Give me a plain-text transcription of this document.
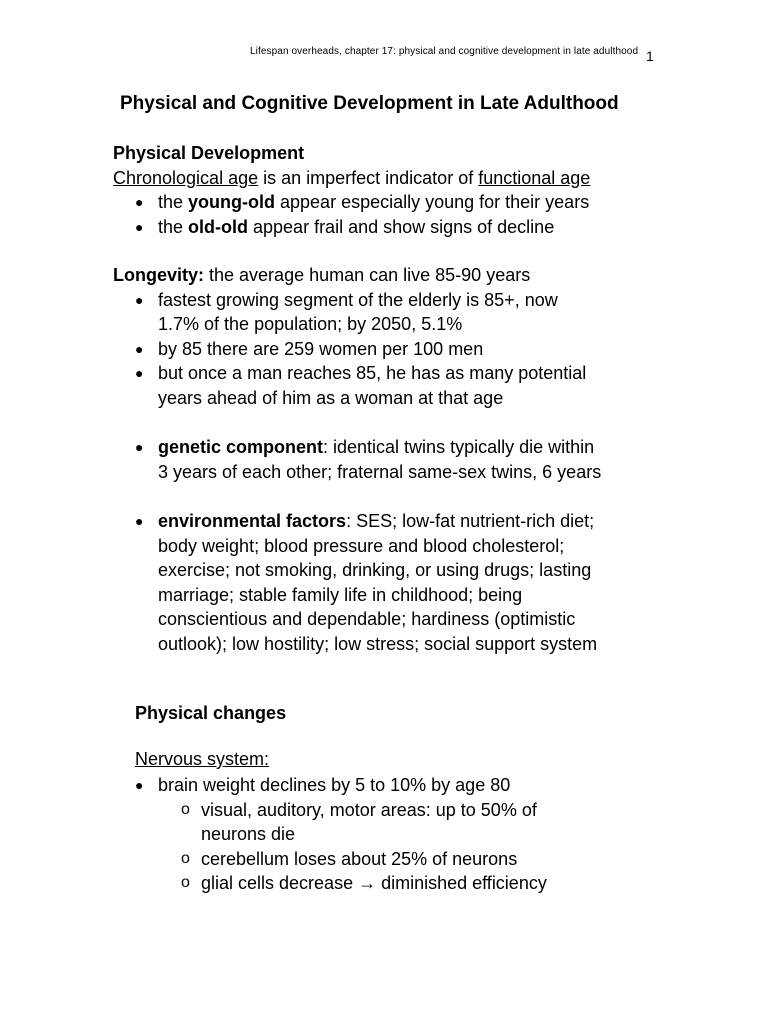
Lifespan overheads, chapter 17: physical and cognitive development in late adulthood 1
Physical and Cognitive Development in Late Adulthood
Physical Development
Chronological age is an imperfect indicator of functional age
● the young-old appear especially young for their years
● the old-old appear frail and show signs of decline
Longevity: the average human can live 85-90 years
● fastest growing segment of the elderly is 85+, now
1.7% of the population; by 2050, 5.1%
● by 85 there are 259 women per 100 men
● but once a man reaches 85, he has as many potential
years ahead of him as a woman at that age
● genetic component: identical twins typically die within
3 years of each other; fraternal same-sex twins, 6 years
● environmental factors: SES; low-fat nutrient-rich diet;
body weight; blood pressure and blood cholesterol;
exercise; not smoking, drinking, or using drugs; lasting
marriage; stable family life in childhood; being
conscientious and dependable; hardiness (optimistic
outlook); low hostility; low stress; social support system
Physical changes
Nervous system:
● brain weight declines by 5 to 10% by age 80
o visual, auditory, motor areas: up to 50% of
neurons die
o cerebellum loses about 25% of neurons
o glial cells decrease → diminished efficiency
